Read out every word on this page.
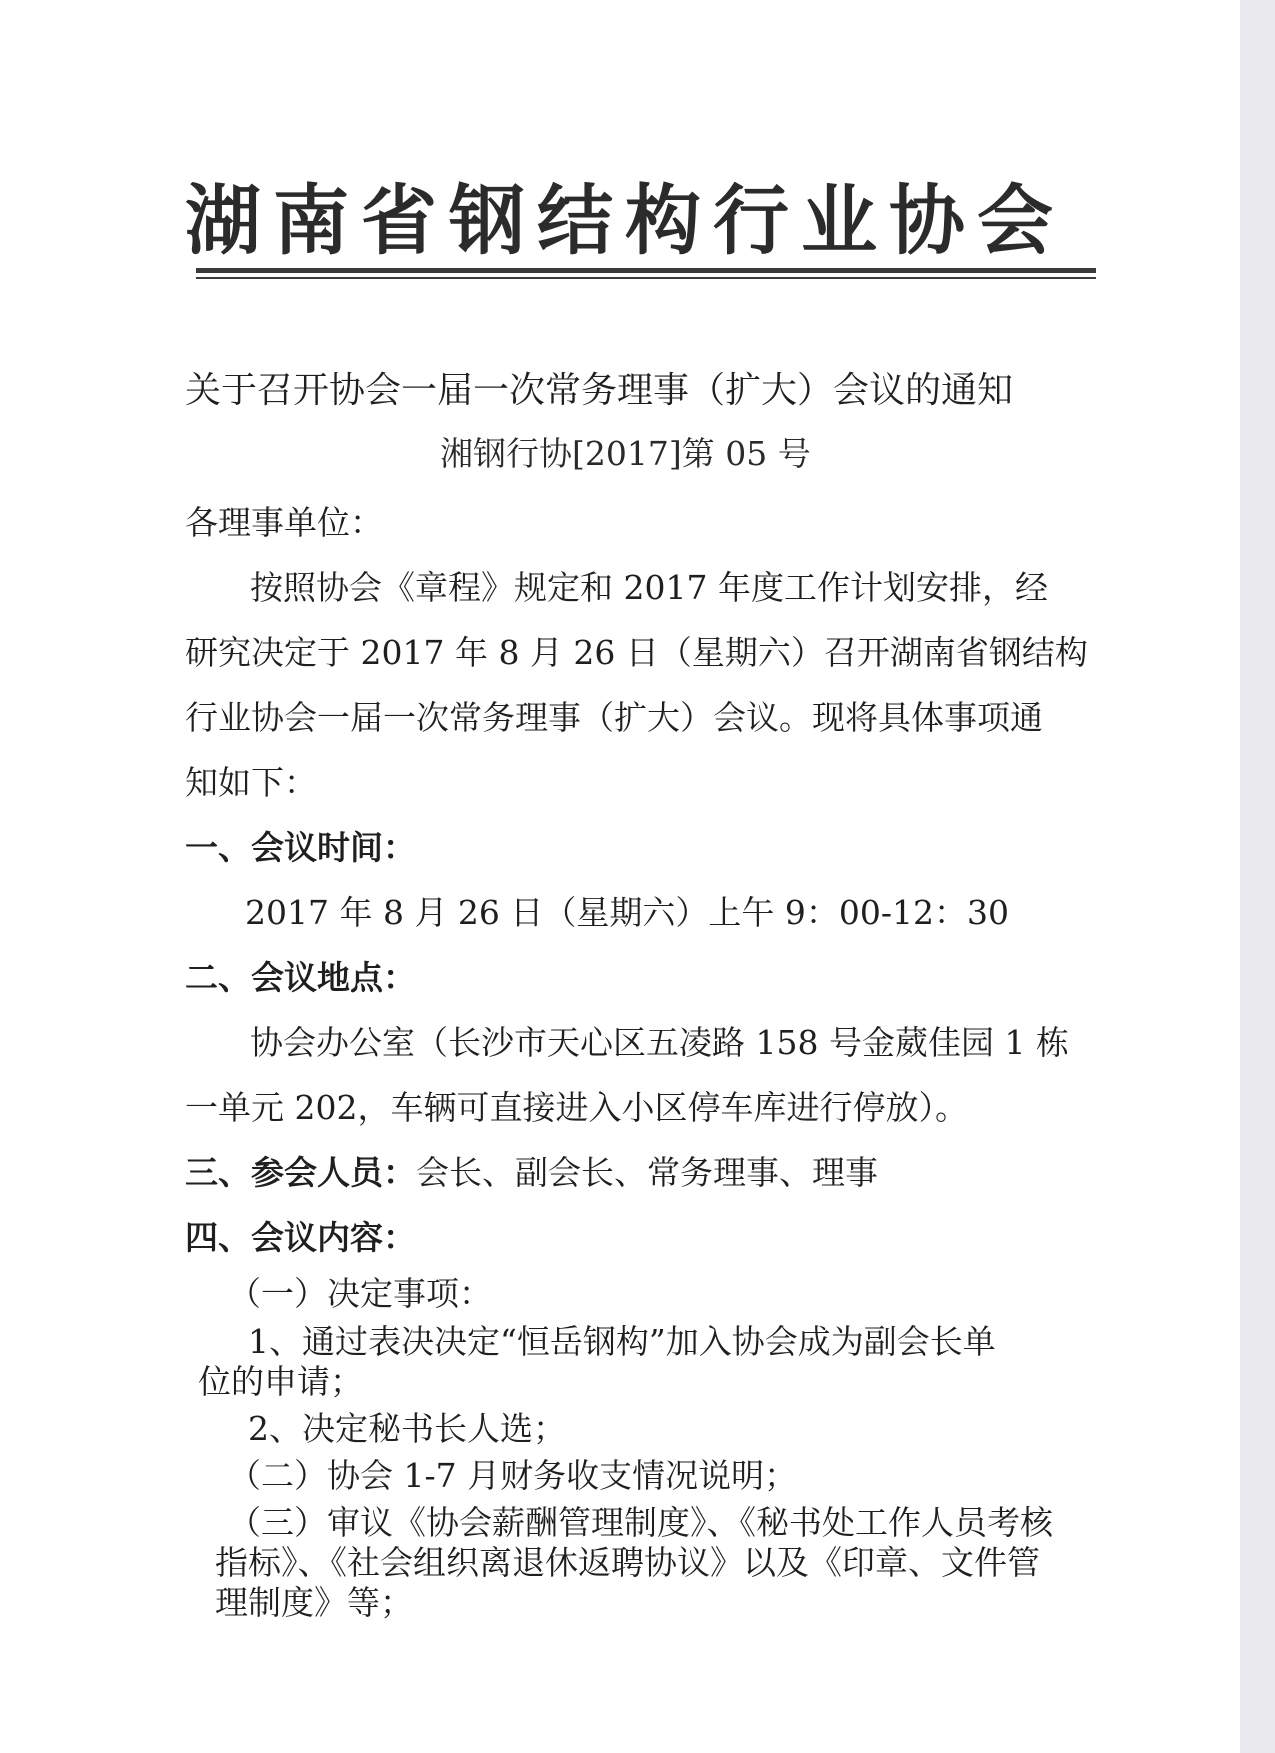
湖南省钢结构行业协会
关于召开协会一届一次常务理事（扩大）会议的通知
湘钢行协[2017]第 05 号
各理事单位：
按照协会《章程》规定和 2017 年度工作计划安排，经
研究决定于 2017 年 8 月 26 日（星期六）召开湖南省钢结构
行业协会一届一次常务理事（扩大）会议。现将具体事项通
知如下：
一、会议时间：
2017 年 8 月 26 日（星期六）上午 9：00-12：30
二、会议地点：
协会办公室（长沙市天心区五凌路 158 号金葳佳园 1 栋
一单元 202，车辆可直接进入小区停车库进行停放）。
三、参会人员：会长、副会长、常务理事、理事
四、会议内容：
（一）决定事项：
1、通过表决决定“恒岳钢构”加入协会成为副会长单
位的申请；
2、决定秘书长人选；
（二）协会 1-7 月财务收支情况说明；
（三）审议《协会薪酬管理制度》、《秘书处工作人员考核
指标》、《社会组织离退休返聘协议》以及《印章、文件管
理制度》等；
